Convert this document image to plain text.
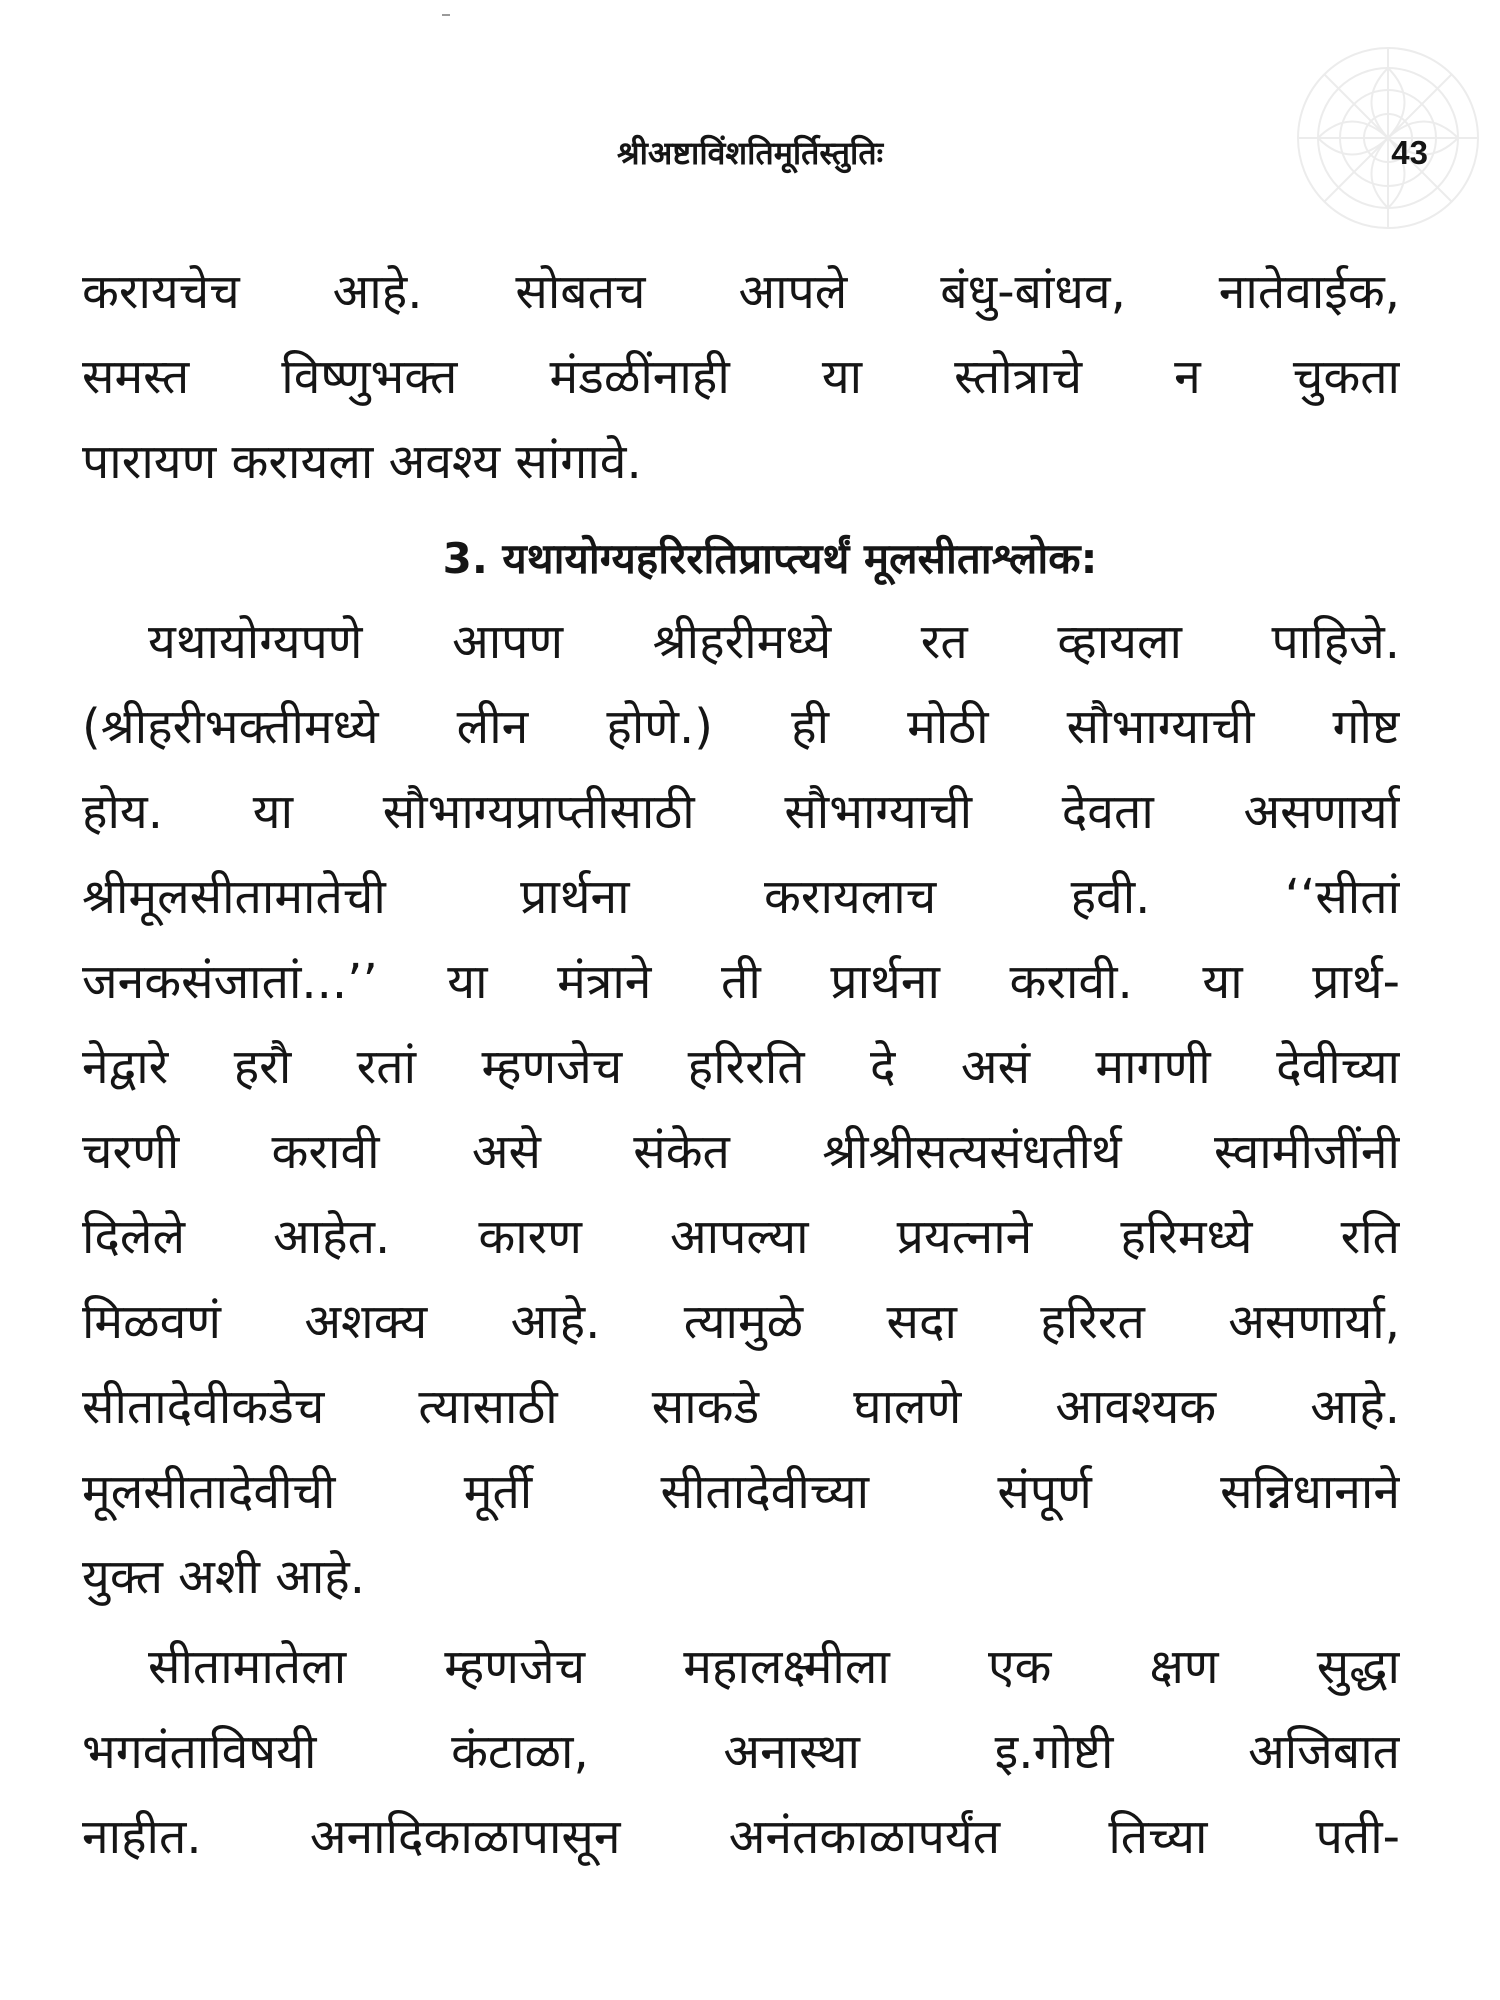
श्रीअष्टाविंशतिमूर्तिस्तुतिः	43
करायचेच आहे. सोबतच आपले बंधु-बांधव, नातेवाईक,
समस्त विष्णुभक्त मंडळींनाही या स्तोत्राचे न चुकता
पारायण करायला अवश्य सांगावे.
3. यथायोग्यहरिरतिप्राप्त्यर्थं मूलसीताश्लोक:
यथायोग्यपणे आपण श्रीहरीमध्ये रत व्हायला पाहिजे.
(श्रीहरीभक्तीमध्ये लीन होणे.) ही मोठी सौभाग्याची गोष्ट
होय. या सौभाग्यप्राप्तीसाठी सौभाग्याची देवता असणार्या
श्रीमूलसीतामातेची प्रार्थना करायलाच हवी. ‘‘सीतां
जनकसंजातां...’’ या मंत्राने ती प्रार्थना करावी. या प्रार्थ-
नेद्वारे हरौ रतां म्हणजेच हरिरति दे असं मागणी देवीच्या
चरणी करावी असे संकेत श्रीश्रीसत्यसंधतीर्थ स्वामीजींनी
दिलेले आहेत. कारण आपल्या प्रयत्नाने हरिमध्ये रति
मिळवणं अशक्य आहे. त्यामुळे सदा हरिरत असणार्या,
सीतादेवीकडेच त्यासाठी साकडे घालणे आवश्यक आहे.
मूलसीतादेवीची मूर्ती सीतादेवीच्या संपूर्ण सन्निधानाने
युक्त अशी आहे.
सीतामातेला म्हणजेच महालक्ष्मीला एक क्षण सुद्धा
भगवंताविषयी कंटाळा, अनास्था इ.गोष्टी अजिबात
नाहीत. अनादिकाळापासून अनंतकाळापर्यंत तिच्या पती-
